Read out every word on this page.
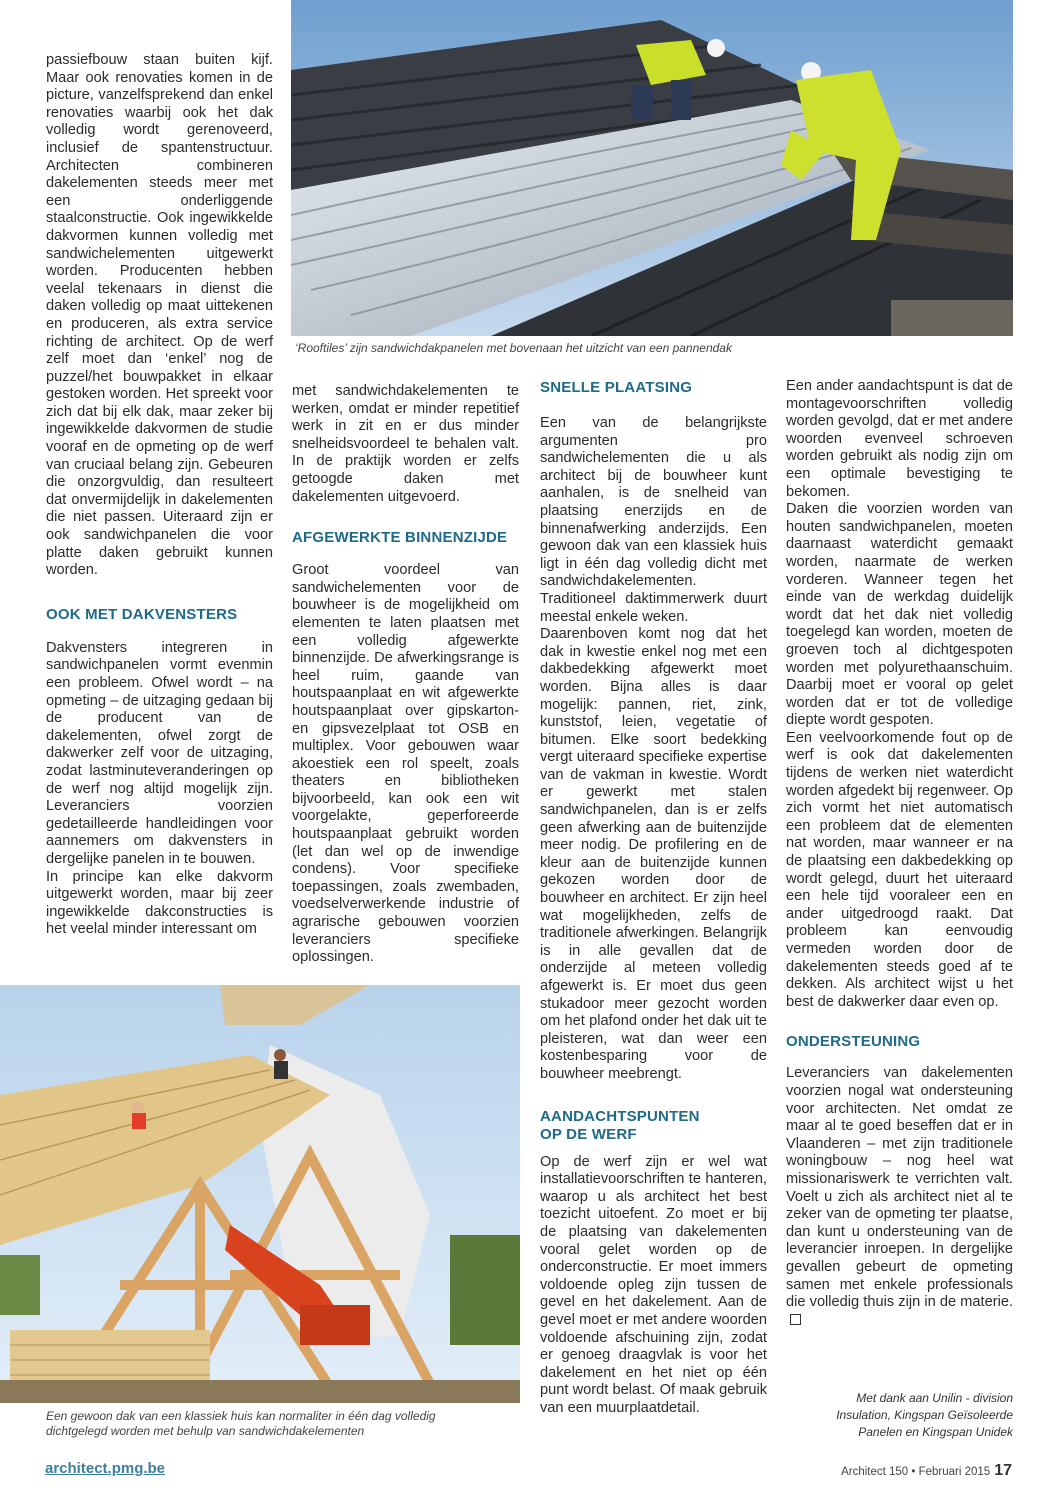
‘Rooftiles’ zijn sandwichdakpanelen met bovenaan het uitzicht van een pannendak

passiefbouw staan buiten kijf. Maar ook renovaties komen in de picture, vanzelfsprekend dan enkel renovaties waarbij ook het dak volledig wordt gerenoveerd, inclusief de spantenstructuur. Architecten combineren dakelementen steeds meer met een onderliggende staalconstructie. Ook ingewikkelde dakvormen kunnen volledig met sandwichelementen uitgewerkt worden. Producenten hebben veelal tekenaars in dienst die daken volledig op maat uittekenen en produceren, als extra service richting de architect. Op de werf zelf moet dan ‘enkel’ nog de puzzel/het bouwpakket in elkaar gestoken worden. Het spreekt voor zich dat bij elk dak, maar zeker bij ingewikkelde dakvormen de studie vooraf en de opmeting op de werf van cruciaal belang zijn. Gebeuren die onzorgvuldig, dan resulteert dat onvermijdelijk in dakelementen die niet passen. Uiteraard zijn er ook sandwichpanelen die voor platte daken gebruikt kunnen worden.

OOK MET DAKVENSTERS

Dakvensters integreren in sandwichpanelen vormt evenmin een probleem. Ofwel wordt – na opmeting – de uitzaging gedaan bij de producent van de dakelementen, ofwel zorgt de dakwerker zelf voor de uitzaging, zodat lastminuteveranderingen op de werf nog altijd mogelijk zijn. Leveranciers voorzien gedetailleerde handleidingen voor aannemers om dakvensters in dergelijke panelen in te bouwen.

In principe kan elke dakvorm uitgewerkt worden, maar bij zeer ingewikkelde dakconstructies is het veelal minder interessant om

met sandwichdakelementen te werken, omdat er minder repetitief werk in zit en er dus minder snelheidsvoordeel te behalen valt. In de praktijk worden er zelfs getoogde daken met dakelementen uitgevoerd.

AFGEWERKTE BINNENZIJDE

Groot voordeel van sandwichelementen voor de bouwheer is de mogelijkheid om elementen te laten plaatsen met een volledig afgewerkte binnenzijde. De afwerkingsrange is heel ruim, gaande van houtspaanplaat en wit afgewerkte houtspaanplaat over gipskarton- en gipsvezelplaat tot OSB en multiplex. Voor gebouwen waar akoestiek een rol speelt, zoals theaters en bibliotheken bijvoorbeeld, kan ook een wit voorgelakte, geperforeerde houtspaanplaat gebruikt worden (let dan wel op de inwendige condens). Voor specifieke toepassingen, zoals zwembaden, voedselverwerkende industrie of agrarische gebouwen voorzien leveranciers specifieke oplossingen.

SNELLE PLAATSING

Een van de belangrijkste argumenten pro sandwichelementen die u als architect bij de bouwheer kunt aanhalen, is de snelheid van plaatsing enerzijds en de binnenafwerking anderzijds. Een gewoon dak van een klassiek huis ligt in één dag volledig dicht met sandwichdakelementen. Traditioneel daktimmerwerk duurt meestal enkele weken.

Daarenboven komt nog dat het dak in kwestie enkel nog met een dakbedekking afgewerkt moet worden. Bijna alles is daar mogelijk: pannen, riet, zink, kunststof, leien, vegetatie of bitumen. Elke soort bedekking vergt uiteraard specifieke expertise van de vakman in kwestie. Wordt er gewerkt met stalen sandwichpanelen, dan is er zelfs geen afwerking aan de buitenzijde meer nodig. De profilering en de kleur aan de buitenzijde kunnen gekozen worden door de bouwheer en architect. Er zijn heel wat mogelijkheden, zelfs de traditionele afwerkingen. Belangrijk is in alle gevallen dat de onderzijde al meteen volledig afgewerkt is. Er moet dus geen stukadoor meer gezocht worden om het plafond onder het dak uit te pleisteren, wat dan weer een kostenbesparing voor de bouwheer meebrengt.

AANDACHTSPUNTEN
OP DE WERF

Op de werf zijn er wel wat installatievoorschriften te hanteren, waarop u als architect het best toezicht uitoefent. Zo moet er bij de plaatsing van dakelementen vooral gelet worden op de onderconstructie. Er moet immers voldoende opleg zijn tussen de gevel en het dakelement. Aan de gevel moet er met andere woorden voldoende afschuining zijn, zodat er genoeg draagvlak is voor het dakelement en het niet op één punt wordt belast. Of maak gebruik van een muurplaatdetail.

Een ander aandachtspunt is dat de montagevoorschriften volledig worden gevolgd, dat er met andere woorden evenveel schroeven worden gebruikt als nodig zijn om een optimale bevestiging te bekomen.

Daken die voorzien worden van houten sandwichpanelen, moeten daarnaast waterdicht gemaakt worden, naarmate de werken vorderen. Wanneer tegen het einde van de werkdag duidelijk wordt dat het dak niet volledig toegelegd kan worden, moeten de groeven toch al dichtgespoten worden met polyurethaanschuim. Daarbij moet er vooral op gelet worden dat er tot de volledige diepte wordt gespoten.

Een veelvoorkomende fout op de werf is ook dat dakelementen tijdens de werken niet waterdicht worden afgedekt bij regenweer. Op zich vormt het niet automatisch een probleem dat de elementen nat worden, maar wanneer er na de plaatsing een dakbedekking op wordt gelegd, duurt het uiteraard een hele tijd vooraleer een en ander uitgedroogd raakt. Dat probleem kan eenvoudig vermeden worden door de dakelementen steeds goed af te dekken. Als architect wijst u het best de dakwerker daar even op.

ONDERSTEUNING

Leveranciers van dakelementen voorzien nogal wat ondersteuning voor architecten. Net omdat ze maar al te goed beseffen dat er in Vlaanderen – met zijn traditionele woningbouw – nog heel wat missionariswerk te verrichten valt. Voelt u zich als architect niet al te zeker van de opmeting ter plaatse, dan kunt u ondersteuning van de leverancier inroepen. In dergelijke gevallen gebeurt de opmeting samen met enkele professionals die volledig thuis zijn in de materie.

Met dank aan Unilin - division
Insulation, Kingspan Geïsoleerde
Panelen en Kingspan Unidek
Een gewoon dak van een klassiek huis kan normaliter in één dag volledig
dichtgelegd worden met behulp van sandwichdakelementen
architect.pmg.be	Architect 150 • Februari 2015 17
